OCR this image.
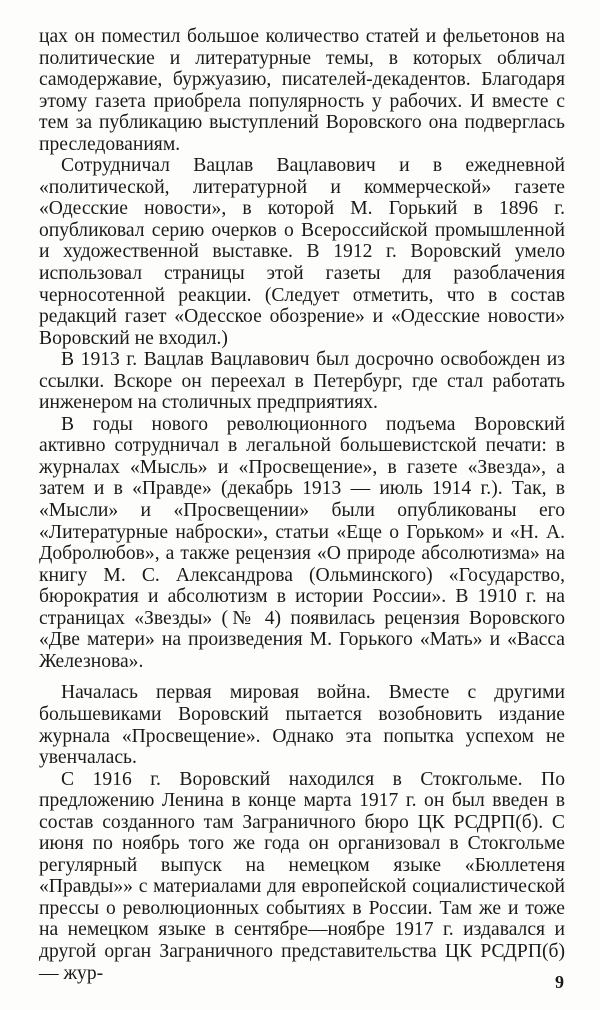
цах он поместил большое количество статей и фельетонов на политические и литературные темы, в которых обличал самодержавие, буржуазию, писателей-декадентов. Благодаря этому газета приобрела популярность у рабочих. И вместе с тем за публикацию выступлений Воровского она подверглась преследованиям.

Сотрудничал Вацлав Вацлавович и в ежедневной «политической, литературной и коммерческой» газете «Одесские новости», в которой М. Горький в 1896 г. опубликовал серию очерков о Всероссийской промышленной и художественной выставке. В 1912 г. Воровский умело использовал страницы этой газеты для разоблачения черносотенной реакции. (Следует отметить, что в состав редакций газет «Одесское обозрение» и «Одесские новости» Воровский не входил.)

В 1913 г. Вацлав Вацлавович был досрочно освобожден из ссылки. Вскоре он переехал в Петербург, где стал работать инженером на столичных предприятиях.

В годы нового революционного подъема Воровский активно сотрудничал в легальной большевистской печати: в журналах «Мысль» и «Просвещение», в газете «Звезда», а затем и в «Правде» (декабрь 1913 — июль 1914 г.). Так, в «Мысли» и «Просвещении» были опубликованы его «Литературные наброски», статьи «Еще о Горьком» и «Н. А. Добролюбов», а также рецензия «О природе абсолютизма» на книгу М. С. Александрова (Ольминского) «Государство, бюрократия и абсолютизм в истории России». В 1910 г. на страницах «Звезды» (№ 4) появилась рецензия Воровского «Две матери» на произведения М. Горького «Мать» и «Васса Железнова».

Началась первая мировая война. Вместе с другими большевиками Воровский пытается возобновить издание журнала «Просвещение». Однако эта попытка успехом не увенчалась.

С 1916 г. Воровский находился в Стокгольме. По предложению Ленина в конце марта 1917 г. он был введен в состав созданного там Заграничного бюро ЦК РСДРП(б). С июня по ноябрь того же года он организовал в Стокгольме регулярный выпуск на немецком языке «Бюллетеня «Правды»» с материалами для европейской социалистической прессы о революционных событиях в России. Там же и тоже на немецком языке в сентябре—ноябре 1917 г. издавался и другой орган Заграничного представительства ЦК РСДРП(б) — жур-	9
